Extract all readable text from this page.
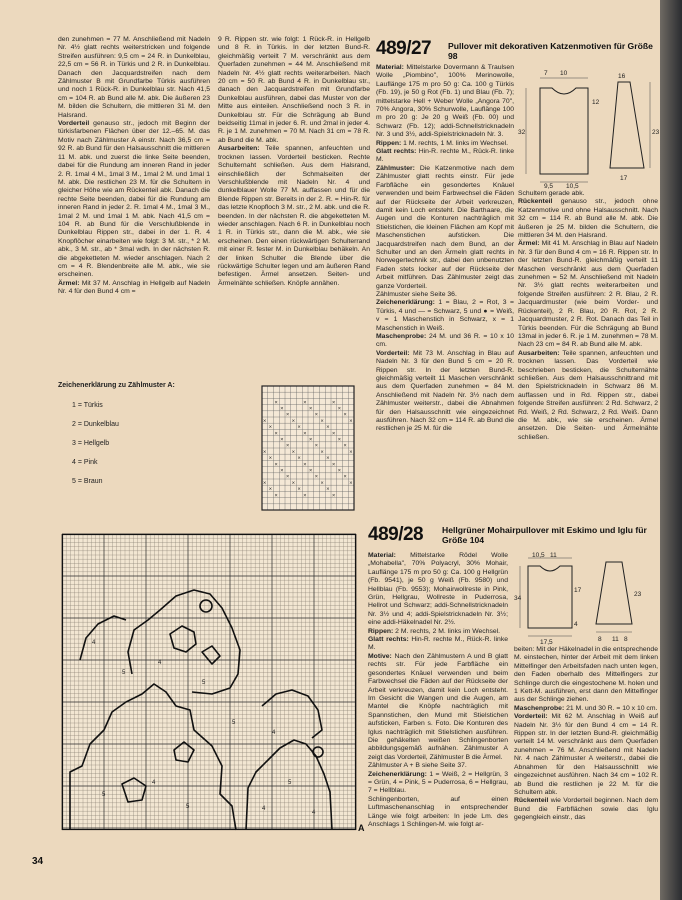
den zunehmen = 77 M. Anschließend mit Nadeln Nr. 4½ glatt rechts weiterstricken und folgende Streifen ausführen: 9,5 cm = 24 R. in Dunkelblau, 22,5 cm = 56 R. in Türkis und 2 R. in Dunkelblau. Danach den Jacquardstreifen nach dem Zählmuster B mit Grundfarbe Türkis ausführen und noch 1 Rück-R. in Dunkelblau str. Nach 41,5 cm = 104 R. ab Bund alle M. abk. Die äußeren 23 M. bilden die Schultern, die mittleren 31 M. den Halsrand.

Vorderteil genauso str., jedoch mit Beginn der türkisfarbenen Flächen über der 12.–65. M. das Motiv nach Zählmuster A einstr. Nach 36,5 cm = 92 R. ab Bund für den Halsausschnitt die mittleren 11 M. abk. und zuerst die linke Seite beenden, dabei für die Rundung am inneren Rand in jeder 2. R. 1mal 4 M., 1mal 3 M., 1mal 2 M. und 1mal 1 M. abk. Die restlichen 23 M. für die Schultern in gleicher Höhe wie am Rückenteil abk. Danach die rechte Seite beenden, dabei für die Rundung am inneren Rand in jeder 2. R. 1mal 4 M., 1mal 3 M., 1mal 2 M. und 1mal 1 M. abk. Nach 41,5 cm = 104 R. ab Bund für die Verschlußblende in Dunkelblau Rippen str., dabei in der 1. R. 4 Knopflöcher einarbeiten wie folgt: 3 M. str., * 2 M. abk., 3 M. str., ab * 3mal wdh. In der nächsten R. die abgeketteten M. wieder anschlagen. Nach 2 cm = 4 R. Blendenbreite alle M. abk., wie sie erscheinen.

Ärmel: Mit 37 M. Anschlag in Hellgelb auf Nadeln Nr. 4 für den Bund 4 cm =

9 R. Rippen str. wie folgt: 1 Rück-R. in Hellgelb und 8 R. in Türkis. In der letzten Bund-R. gleichmäßig verteilt 7 M. verschränkt aus dem Querfaden zunehmen = 44 M. Anschließend mit Nadeln Nr. 4½ glatt rechts weiterarbeiten. Nach 20 cm = 50 R. ab Bund 4 R. in Dunkelblau str., danach den Jacquardstreifen mit Grundfarbe Dunkelblau ausführen, dabei das Muster von der Mitte aus einteilen. Anschließend noch 3 R. in Dunkelblau str. Für die Schrägung ab Bund beidseitig 11mal in jeder 6. R. und 2mal in jeder 4. R. je 1 M. zunehmen = 70 M. Nach 31 cm = 78 R. ab Bund die M. abk.

Ausarbeiten: Teile spannen, anfeuchten und trocknen lassen. Vorderteil besticken. Rechte Schulternaht schließen. Aus dem Halsrand, einschließlich der Schmalseiten der Verschlußblende mit Nadeln Nr. 4 und dunkelblauer Wolle 77 M. auffassen und für die Blende Rippen str. Bereits in der 2. R. = Hin-R. für das letzte Knopfloch 3 M. str., 2 M. abk. und die R. beenden. In der nächsten R. die abgeketteten M. wieder anschlagen. Nach 6 R. in Dunkelblau noch 1 R. in Türkis str., dann die M. abk., wie sie erscheinen. Den einen rückwärtigen Schulterrand mit einer R. fester M. in Dunkelblau behäkeln. An der linken Schulter die Blende über die rückwärtige Schulter legen und am äußeren Rand befestigen. Ärmel ansetzen. Seiten- und Ärmelnähte schließen. Knöpfe annähen.

Zeichenerklärung zu Zählmuster A:
1 = Türkis
2 = Dunkelblau
3 = Hellgelb
4 = Pink
5 = Braun
×	×	×
×	×	×
×	×	×
×	×	×	×
×	×	×
×	×	×
×	×	×
×	×	×
×	×	×	×
×	×	×
×	×	×
×	×	×
×	×	×
×	×	×	×
×	×	×
×	×	×
4
5
4
5
5
4
5	4
5
4
5
4
A
489/27 Pullover mit dekorativen Katzenmotiven für Größe 98

Material: Mittelstarke Dovermann & Traulsen Wolle „Piombino", 100% Merinowolle, Lauflänge 175 m pro 50 g: Ca. 100 g Türkis (Fb. 19), je 50 g Rot (Fb. 1) und Blau (Fb. 7); mittelstarke Hell + Weber Wolle „Angora 70", 70% Angora, 30% Schurwolle, Lauflänge 100 m pro 20 g: Je 20 g Weiß (Fb. 00) und Schwarz (Fb. 12); addi-Schnellstricknadeln Nr. 3 und 3½, addi-Spielstricknadeln Nr. 3.

Rippen: 1 M. rechts, 1 M. links im Wechsel.

Glatt rechts: Hin-R. rechte M., Rück-R. linke M.

Zählmuster: Die Katzenmotive nach dem Zählmuster glatt rechts einstr. Für jede Farbfläche ein gesondertes Knäuel verwenden und beim Farbwechsel die Fäden auf der Rückseite der Arbeit verkreuzen, damit kein Loch entsteht. Die Barthaare, die Augen und die Konturen nachträglich mit Stielstichen, die kleinen Flächen am Kopf mit Maschenstichen aufsticken. Die Jacquardstreifen nach dem Bund, an der Schulter und an den Ärmeln glatt rechts in Norwegertechnik str., dabei den unbenutzten Faden stets locker auf der Rückseite der Arbeit mitführen. Das Zählmuster zeigt das ganze Vorderteil.

Zählmuster siehe Seite 36.

Zeichenerklärung: 1 = Blau, 2 = Rot, 3 = Türkis, 4 und — = Schwarz, 5 und ● = Weiß, v = 1 Maschenstich in Schwarz, x = 1 Maschenstich in Weiß.

Maschenprobe: 24 M. und 36 R. = 10 x 10 cm.

Vorderteil: Mit 73 M. Anschlag in Blau auf Nadeln Nr. 3 für den Bund 5 cm = 20 R. Rippen str. In der letzten Bund-R. gleichmäßig verteilt 11 Maschen verschränkt aus dem Querfaden zunehmen = 84 M. Anschließend mit Nadeln Nr. 3½ nach dem Zählmuster weiterstr., dabei die Abnahmen für den Halsausschnitt wie eingezeichnet ausführen. Nach 32 cm = 114 R. ab Bund die restlichen je 25 M. für die

7 10	16
12
32
17
23
9,5 10,5

Schultern gerade abk.

Rückenteil genauso str., jedoch ohne Katzenmotive und ohne Halsausschnitt. Nach 32 cm = 114 R. ab Bund alle M. abk. Die äußeren je 25 M. bilden die Schultern, die mittleren 34 M. den Halsrand.

Ärmel: Mit 41 M. Anschlag in Blau auf Nadeln Nr. 3 für den Bund 4 cm = 16 R. Rippen str. In der letzten Bund-R. gleichmäßig verteilt 11 Maschen verschränkt aus dem Querfaden zunehmen = 52 M. Anschließend mit Nadeln Nr. 3½ glatt rechts weiterarbeiten und folgende Streifen ausführen: 2 R. Blau, 2 R. Jacquardmuster (wie beim Vorder- und Rückenteil), 2 R. Blau, 20 R. Rot, 2 R. Jacquardmuster, 2 R. Rot. Danach das Teil in Türkis beenden. Für die Schrägung ab Bund 13mal in jeder 6. R. je 1 M. zunehmen = 78 M. Nach 23 cm = 84 R. ab Bund alle M. abk.

Ausarbeiten: Teile spannen, anfeuchten und trocknen lassen. Das Vorderteil wie beschrieben besticken, die Schulternähte schließen. Aus dem Halsausschnittrand mit den Spielstricknadeln in Schwarz 86 M. auffassen und in Rd. Rippen str., dabei folgende Streifen ausführen: 2 Rd. Schwarz, 2 Rd. Weiß, 2 Rd. Schwarz, 2 Rd. Weiß. Dann die M. abk., wie sie erscheinen. Ärmel ansetzen. Die Seiten- und Ärmelnähte schließen.

489/28 Hellgrüner Mohairpullover mit Eskimo und Iglu für Größe 104

Material: Mittelstarke Rödel Wolle „Mohabella", 70% Polyacryl, 30% Mohair, Lauflänge 175 m pro 50 g: Ca. 100 g Hellgrün (Fb. 9541), je 50 g Weiß (Fb. 9580) und Hellblau (Fb. 9553); Mohairwollreste in Pink, Grün, Hellgrau, Wollreste in Puderrosa, Hellrot und Schwarz; addi-Schnellstricknadeln Nr. 3½ und 4; addi-Spielstricknadeln Nr. 3½; eine addi-Häkelnadel Nr. 2½.

Rippen: 2 M. rechts, 2 M. links im Wechsel.

Glatt rechts: Hin-R. rechte M., Rück-R. linke M.

Motive: Nach den Zählmustern A und B glatt rechts str. Für jede Farbfläche ein gesondertes Knäuel verwenden und beim Farbwechsel die Fäden auf der Rückseite der Arbeit verkreuzen, damit kein Loch entsteht. Im Gesicht die Wangen und die Augen, am Mantel die Knöpfe nachträglich mit Spannstichen, den Mund mit Stielstichen aufsticken, Farben s. Foto. Die Konturen des Iglus nachträglich mit Stielstichen ausführen. Die gehäkelten weißen Schlingenborten abbildungsgemäß aufnähen. Zählmuster A zeigt das Vorderteil, Zählmuster B die Ärmel.

Zählmuster A + B siehe Seite 37.

Zeichenerklärung: 1 = Weiß, 2 = Hellgrün, 3 = Grün, 4 = Pink, 5 = Puderrosa, 6 = Hellgrau, 7 = Hellblau.

Schlingenborten, auf einen Luftmaschenanschlag in entsprechender Länge wie folgt arbeiten: In jede Lm. des Anschlags 1 Schlingen-M. wie folgt ar-

10,5 11
17
34
4
23
17,5	8 11 8

beiten: Mit der Häkelnadel in die entsprechende M. einstechen, hinter der Arbeit mit dem linken Mittelfinger den Arbeitsfaden nach unten legen, den Faden oberhalb des Mittelfingers zur Schlinge durch die eingestochene M. holen und 1 Kett-M. ausführen, erst dann den Mittelfinger aus der Schlinge ziehen.

Maschenprobe: 21 M. und 30 R. = 10 x 10 cm.

Vorderteil: Mit 62 M. Anschlag in Weiß auf Nadeln Nr. 3½ für den Bund 4 cm = 14 R. Rippen str. In der letzten Bund-R. gleichmäßig verteilt 14 M. verschränkt aus dem Querfaden zunehmen = 76 M. Anschließend mit Nadeln Nr. 4 nach Zählmuster A weiterstr., dabei die Abnahmen für den Halsausschnitt wie eingezeichnet ausführen. Nach 34 cm = 102 R. ab Bund die restlichen je 22 M. für die Schultern abk.

Rückenteil wie Vorderteil beginnen. Nach dem Bund die Farbflächen sowie das Iglu gegengleich einstr., das

34
